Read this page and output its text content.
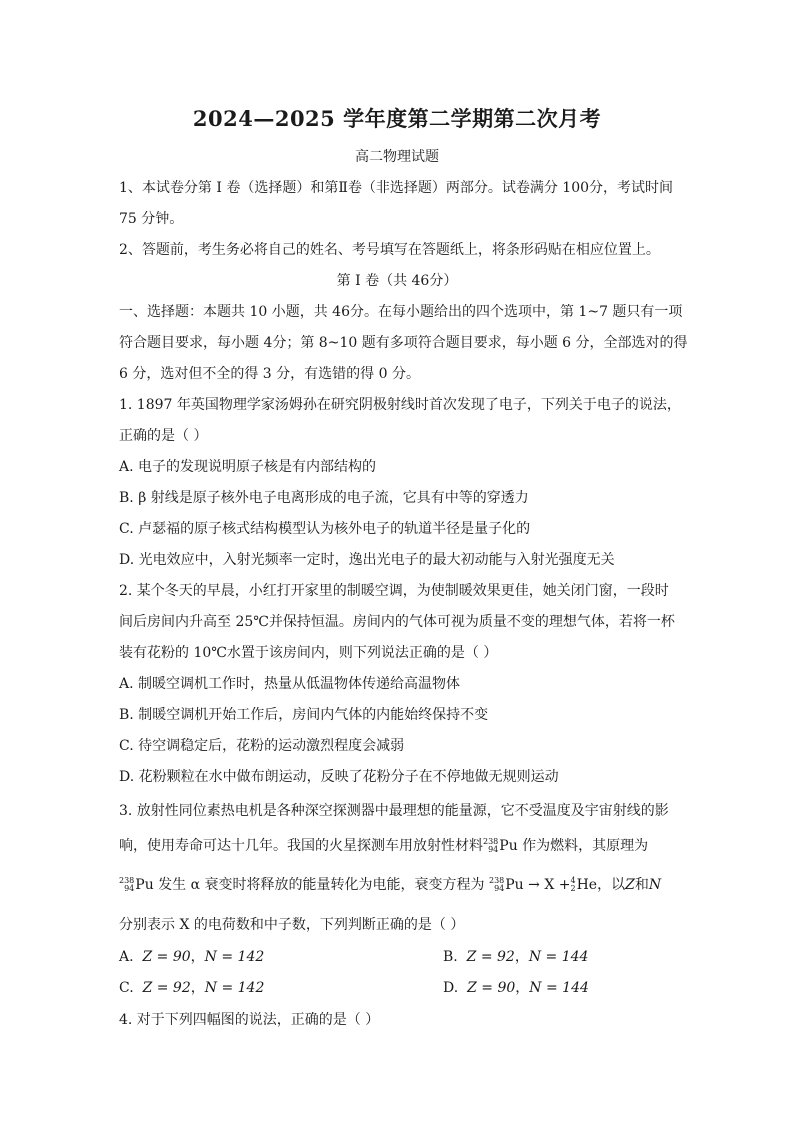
2024—2025 学年度第二学期第二次月考
高二物理试题
1、本试卷分第 I 卷（选择题）和第Ⅱ卷（非选择题）两部分。试卷满分 100分，考试时间
75 分钟。
2、答题前，考生务必将自己的姓名、考号填写在答题纸上，将条形码贴在相应位置上。
第 I 卷（共 46分）
一、选择题：本题共 10 小题，共 46分。在每小题给出的四个选项中，第 1~7 题只有一项
符合题目要求，每小题 4分；第 8~10 题有多项符合题目要求，每小题 6 分，全部选对的得
6 分，选对但不全的得 3 分，有选错的得 0 分。
1. 1897 年英国物理学家汤姆孙在研究阴极射线时首次发现了电子，下列关于电子的说法，
正确的是（ ）
A. 电子的发现说明原子核是有内部结构的
B. β 射线是原子核外电子电离形成的电子流，它具有中等的穿透力
C. 卢瑟福的原子核式结构模型认为核外电子的轨道半径是量子化的
D. 光电效应中，入射光频率一定时，逸出光电子的最大初动能与入射光强度无关
2. 某个冬天的早晨，小红打开家里的制暖空调，为使制暖效果更佳，她关闭门窗，一段时
间后房间内升高至 25℃并保持恒温。房间内的气体可视为质量不变的理想气体，若将一杯
装有花粉的 10℃水置于该房间内，则下列说法正确的是（ ）
A. 制暖空调机工作时，热量从低温物体传递给高温物体
B. 制暖空调机开始工作后，房间内气体的内能始终保持不变
C. 待空调稳定后，花粉的运动激烈程度会减弱
D. 花粉颗粒在水中做布朗运动，反映了花粉分子在不停地做无规则运动
3. 放射性同位素热电机是各种深空探测器中最理想的能量源，它不受温度及宇宙射线的影
响，使用寿命可达十几年。我国的火星探测车用放射性材料 238
94 Pu 作为燃料，其原理为
238
94 Pu 发生 α 衰变时将释放的能量转化为电能，衰变方程为 238
94 Pu → X + 4
2 He，以Z和N
分别表示 X 的电荷数和中子数，下列判断正确的是（ ）
A. Z = 90，N = 142	B. Z = 92，N = 144
C. Z = 92，N = 142	D. Z = 90，N = 144
4. 对于下列四幅图的说法，正确的是（ ）
